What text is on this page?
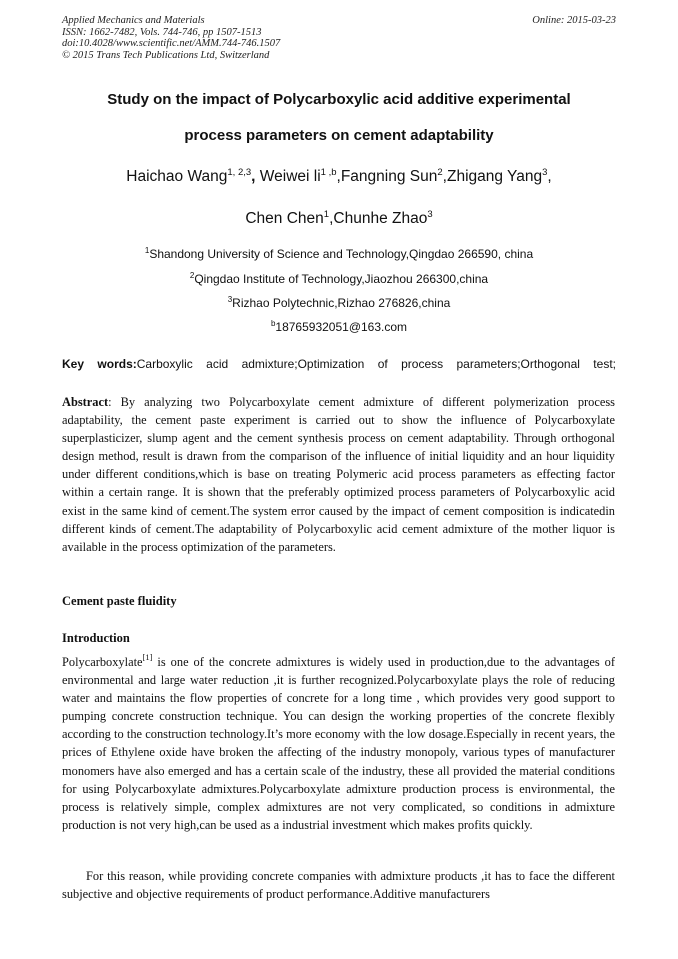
Applied Mechanics and Materials
ISSN: 1662-7482, Vols. 744-746, pp 1507-1513
doi:10.4028/www.scientific.net/AMM.744-746.1507
© 2015 Trans Tech Publications Ltd, Switzerland
Online: 2015-03-23
Study on the impact of Polycarboxylic acid additive experimental
process parameters on cement adaptability
Haichao Wang$^{1, 2,3}$, Weiwei li$^{1 ,b}$,Fangning Sun$^2$,Zhigang Yang$^3$,
Chen Chen$^1$,Chunhe Zhao$^3$
$^1$Shandong University of Science and Technology,Qingdao 266590, china
$^2$Qingdao Institute of Technology,Jiaozhou 266300,china
$^3$Rizhao Polytechnic,Rizhao 276826,china
$^b$18765932051@163.com
Key words:Carboxylic acid admixture;Optimization of process parameters;Orthogonal test;

Abstract: By analyzing two Polycarboxylate cement admixture of different polymerization process adaptability, the cement paste experiment is carried out to show the influence of Polycarboxylate superplasticizer, slump agent and the cement synthesis process on cement adaptability. Through orthogonal design method, result is drawn from the comparison of the influence of initial liquidity and an hour liquidity under different conditions,which is base on treating Polymeric acid process parameters as effecting factor within a certain range. It is shown that the preferably optimized process parameters of Polycarboxylic acid exist in the same kind of cement.The system error caused by the impact of cement composition is indicatedin different kinds of cement.The adaptability of Polycarboxylic acid cement admixture of the mother liquor is available in the process optimization of the parameters.

Cement paste fluidity
Introduction

Polycarboxylate[1] is one of the concrete admixtures is widely used in production,due to the advantages of environmental and large water reduction ,it is further recognized.Polycarboxylate plays the role of reducing water and maintains the flow properties of concrete for a long time , which provides very good support to pumping concrete construction technique. You can design the working properties of the concrete flexibly according to the construction technology.It’s more economy with the low dosage.Especially in recent years, the prices of Ethylene oxide have broken the affecting of the industry monopoly, various types of manufacturer monomers have also emerged and has a certain scale of the industry, these all provided the material conditions for using Polycarboxylate admixtures.Polycarboxylate admixture production process is environmental, the process is relatively simple, complex admixtures are not very complicated, so conditions in admixture production is not very high,can be used as a industrial investment which makes profits quickly.

For this reason, while providing concrete companies with admixture products ,it has to face the different subjective and objective requirements of product performance.Additive manufacturers
